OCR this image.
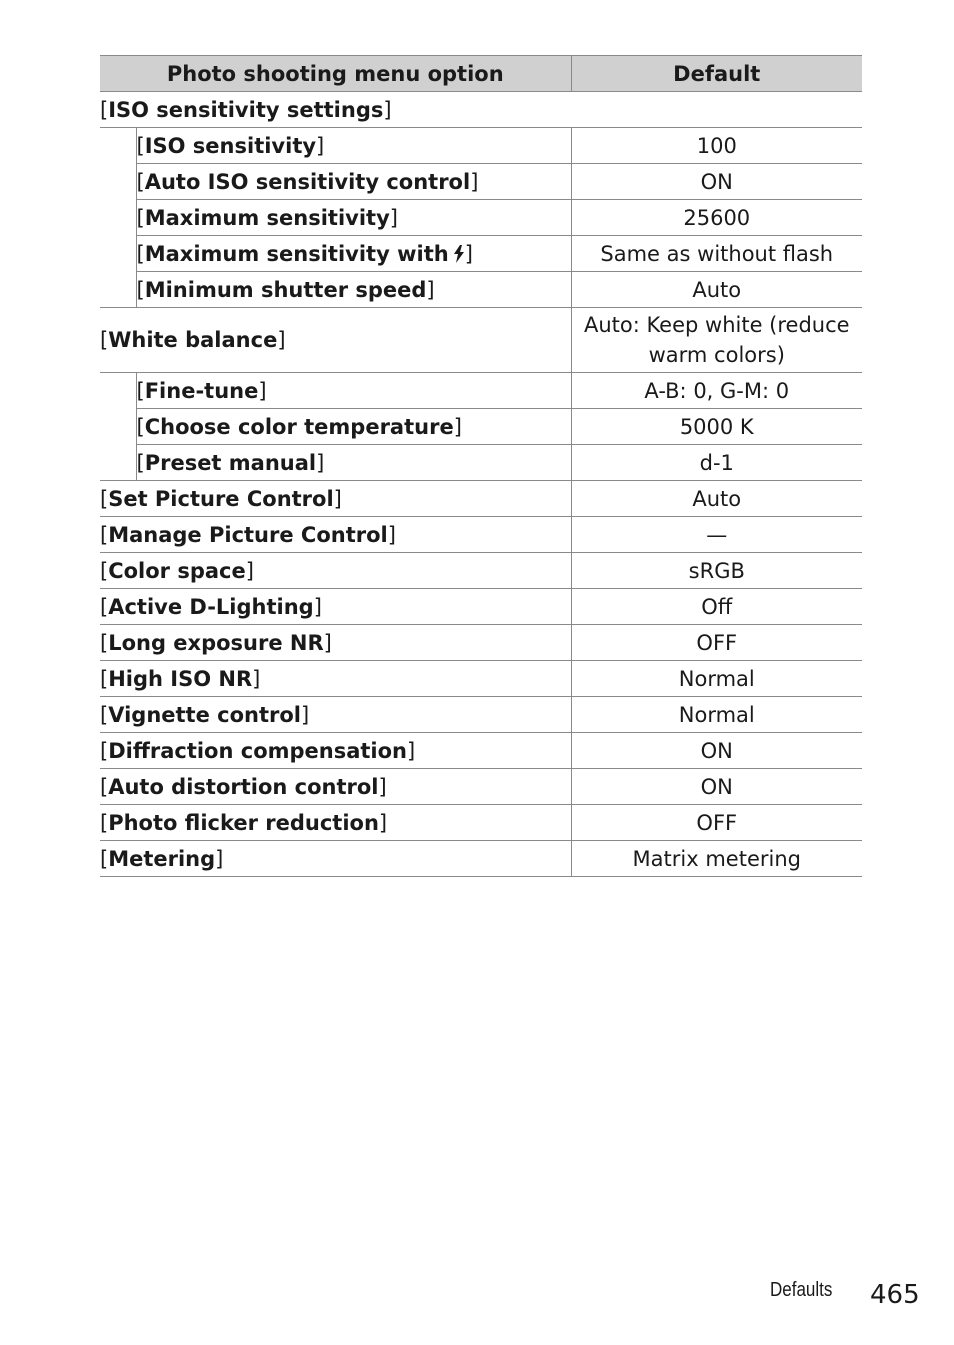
Photo shooting menu option		Default
[ISO sensitivity settings]		
	[ISO sensitivity]	100
	[Auto ISO sensitivity control]	ON
	[Maximum sensitivity]	25600
	[Maximum sensitivity with ]	Same as without flash
	[Minimum shutter speed]	Auto
[White balance]		Auto: Keep white (reduce warm colors)
	[Fine-tune]	A-B: 0, G-M: 0
	[Choose color temperature]	5000 K
	[Preset manual]	d-1
[Set Picture Control]		Auto
[Manage Picture Control]		—
[Color space]		sRGB
[Active D-Lighting]		Off
[Long exposure NR]		OFF
[High ISO NR]		Normal
[Vignette control]		Normal
[Diffraction compensation]		ON
[Auto distortion control]		ON
[Photo flicker reduction]		OFF
[Metering]		Matrix metering
Defaults 465
